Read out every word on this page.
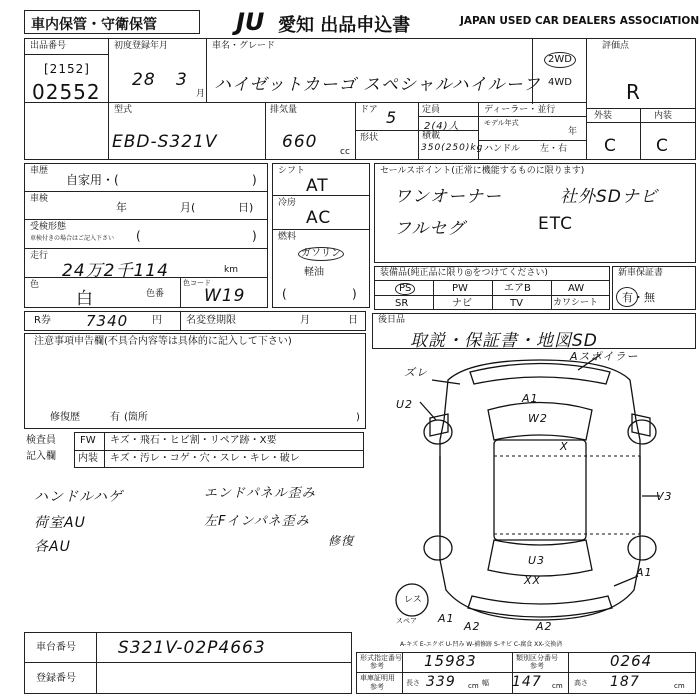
車内保管・守衛保管	JU 愛知 出品申込書	JAPAN USED CAR DEALERS ASSOCIATION
出品番号
[2152]
02552
初度登録年月
28 3
月
車名・グレード
ハイゼットカーゴ スペシャルハイルーフ
2WD
4WD
評価点
R
外装	内装
C C
型式
EBD-S321V
排気量
660	cc
ドア 5
形状
定員
2(4)人
積載
350(250)kg
ディーラー・並行
モデル年式
年
ハンドル 左・右
車歴
自家用・(	)
車検
年	月(	日)
受検形態
車検付きの場合はご記入下さい (	)
走行
24万2千114	km
色
白	色番
色コード
W19
シフト
AT
冷房
AC
燃料
ガソリン
軽油
(	)
セールスポイント(正常に機能するものに限ります)
ワンオーナー	社外SDナビ
フルセグ	ETC
装備品(純正品に限り◎をつけてください)
PS	PW	エアB	AW
SR	ナビ	TV	カワシート
新車保証書
有・無
R券 7340 円 名変登期限	月	日 後日品
取説・保証書・地図SD
注意事項申告欄(不具合内容等は具体的に記入して下さい)
修復歴	有 (箇所	)
検査員
記入欄
FW キズ・飛石・ヒビ割・リペア跡・X要
内装 キズ・汚レ・コゲ・穴・スレ・キレ・破レ
ハンドルハゲ	エンドパネル歪み
荷室AU	左Fインパネ歪み
各AU	修復
Aスポイラー
ズレ
U2	A1
W2
X
U3
A1
V3
XX
A1
A2	A2
レス
スペア
A-キズ E-エクボ U-凹み W-補修跡 S-サビ C-腐食 XX-交換済
車台番号 S321V-02P4663
登録番号
形式指定番号
参考	15983	類別区分番号
参考	0264
車庫証明用
参考	長さ 339 cm 幅 147 cm 高さ 187	cm
